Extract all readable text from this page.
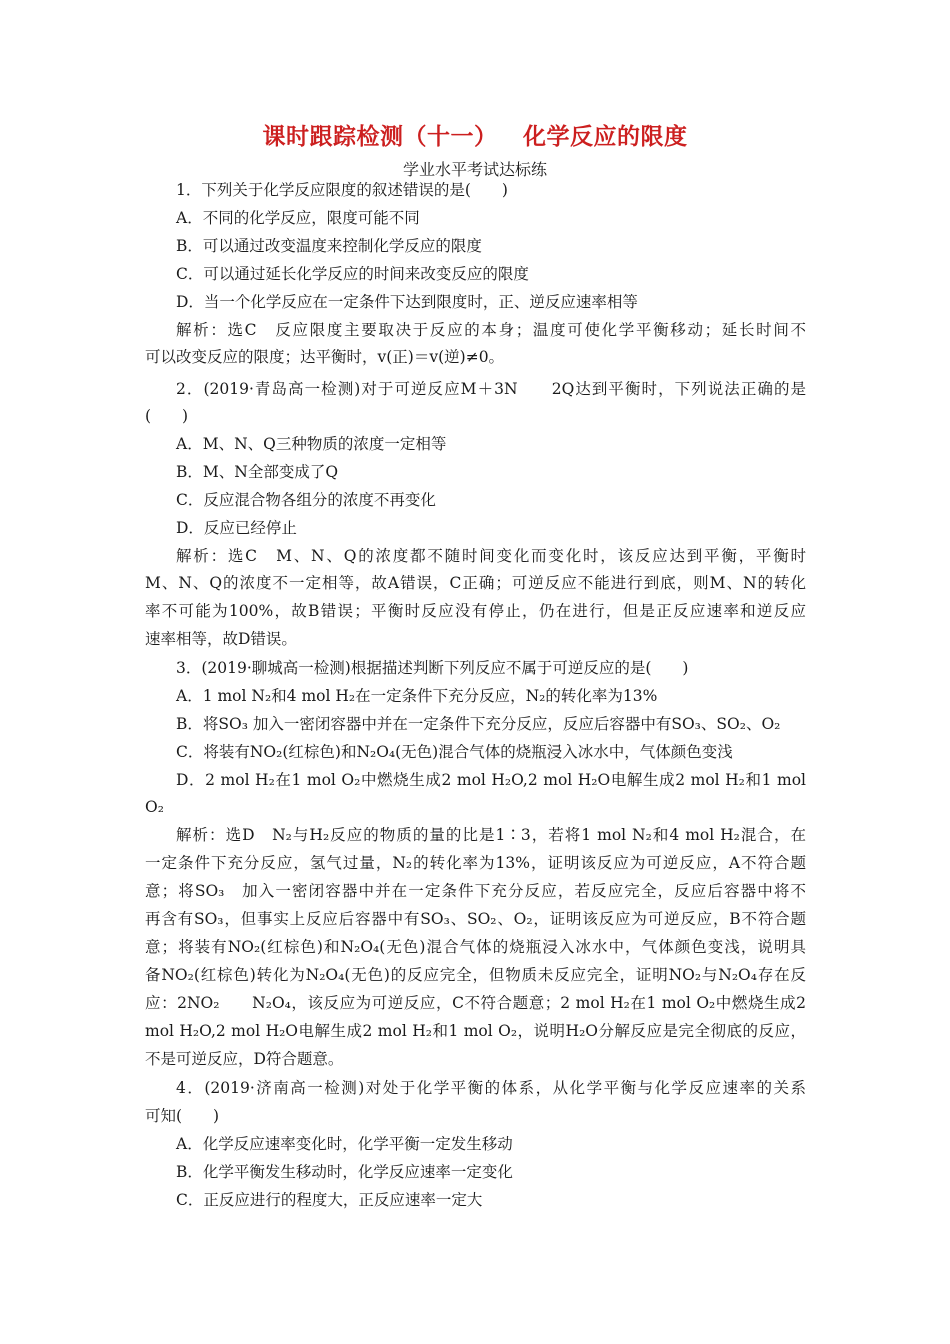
课时跟踪检测（十一）   化学反应的限度
学业水平考试达标练
1．下列关于化学反应限度的叙述错误的是(　　)
A．不同的化学反应，限度可能不同
B．可以通过改变温度来控制化学反应的限度
C．可以通过延长化学反应的时间来改变反应的限度
D．当一个化学反应在一定条件下达到限度时，正、逆反应速率相等
解析：选C　反应限度主要取决于反应的本身；温度可使化学平衡移动；延长时间不
可以改变反应的限度；达平衡时，v(正)＝v(逆)≠0。
2．(2019·青岛高一检测)对于可逆反应M＋3N　　2Q达到平衡时，下列说法正确的是
(　　)
A．M、N、Q三种物质的浓度一定相等
B．M、N全部变成了Q
C．反应混合物各组分的浓度不再变化
D．反应已经停止
解析：选C　M、N、Q的浓度都不随时间变化而变化时，该反应达到平衡，平衡时
M、N、Q的浓度不一定相等，故A错误，C正确；可逆反应不能进行到底，则M、N的转化
率不可能为100%，故B错误；平衡时反应没有停止，仍在进行，但是正反应速率和逆反应
速率相等，故D错误。
3．(2019·聊城高一检测)根据描述判断下列反应不属于可逆反应的是(　　)
A．1 mol N₂和4 mol H₂在一定条件下充分反应，N₂的转化率为13%
B．将SO₃ 加入一密闭容器中并在一定条件下充分反应，反应后容器中有SO₃、SO₂、O₂
C．将装有NO₂(红棕色)和N₂O₄(无色)混合气体的烧瓶浸入冰水中，气体颜色变浅
D．2 mol H₂在1 mol O₂中燃烧生成2 mol H₂O,2 mol H₂O电解生成2 mol H₂和1 mol
O₂
解析：选D　N₂与H₂反应的物质的量的比是1∶3，若将1 mol N₂和4 mol H₂混合，在
一定条件下充分反应，氢气过量，N₂的转化率为13%，证明该反应为可逆反应，A不符合题
意；将SO₃　加入一密闭容器中并在一定条件下充分反应，若反应完全，反应后容器中将不
再含有SO₃，但事实上反应后容器中有SO₃、SO₂、O₂，证明该反应为可逆反应，B不符合题
意；将装有NO₂(红棕色)和N₂O₄(无色)混合气体的烧瓶浸入冰水中，气体颜色变浅，说明具
备NO₂(红棕色)转化为N₂O₄(无色)的反应完全，但物质未反应完全，证明NO₂与N₂O₄存在反
应：2NO₂　　N₂O₄，该反应为可逆反应，C不符合题意；2 mol H₂在1 mol O₂中燃烧生成2
mol H₂O,2 mol H₂O电解生成2 mol H₂和1 mol O₂，说明H₂O分解反应是完全彻底的反应，
不是可逆反应，D符合题意。
4．(2019·济南高一检测)对处于化学平衡的体系，从化学平衡与化学反应速率的关系
可知(　　)
A．化学反应速率变化时，化学平衡一定发生移动
B．化学平衡发生移动时，化学反应速率一定变化
C．正反应进行的程度大，正反应速率一定大
